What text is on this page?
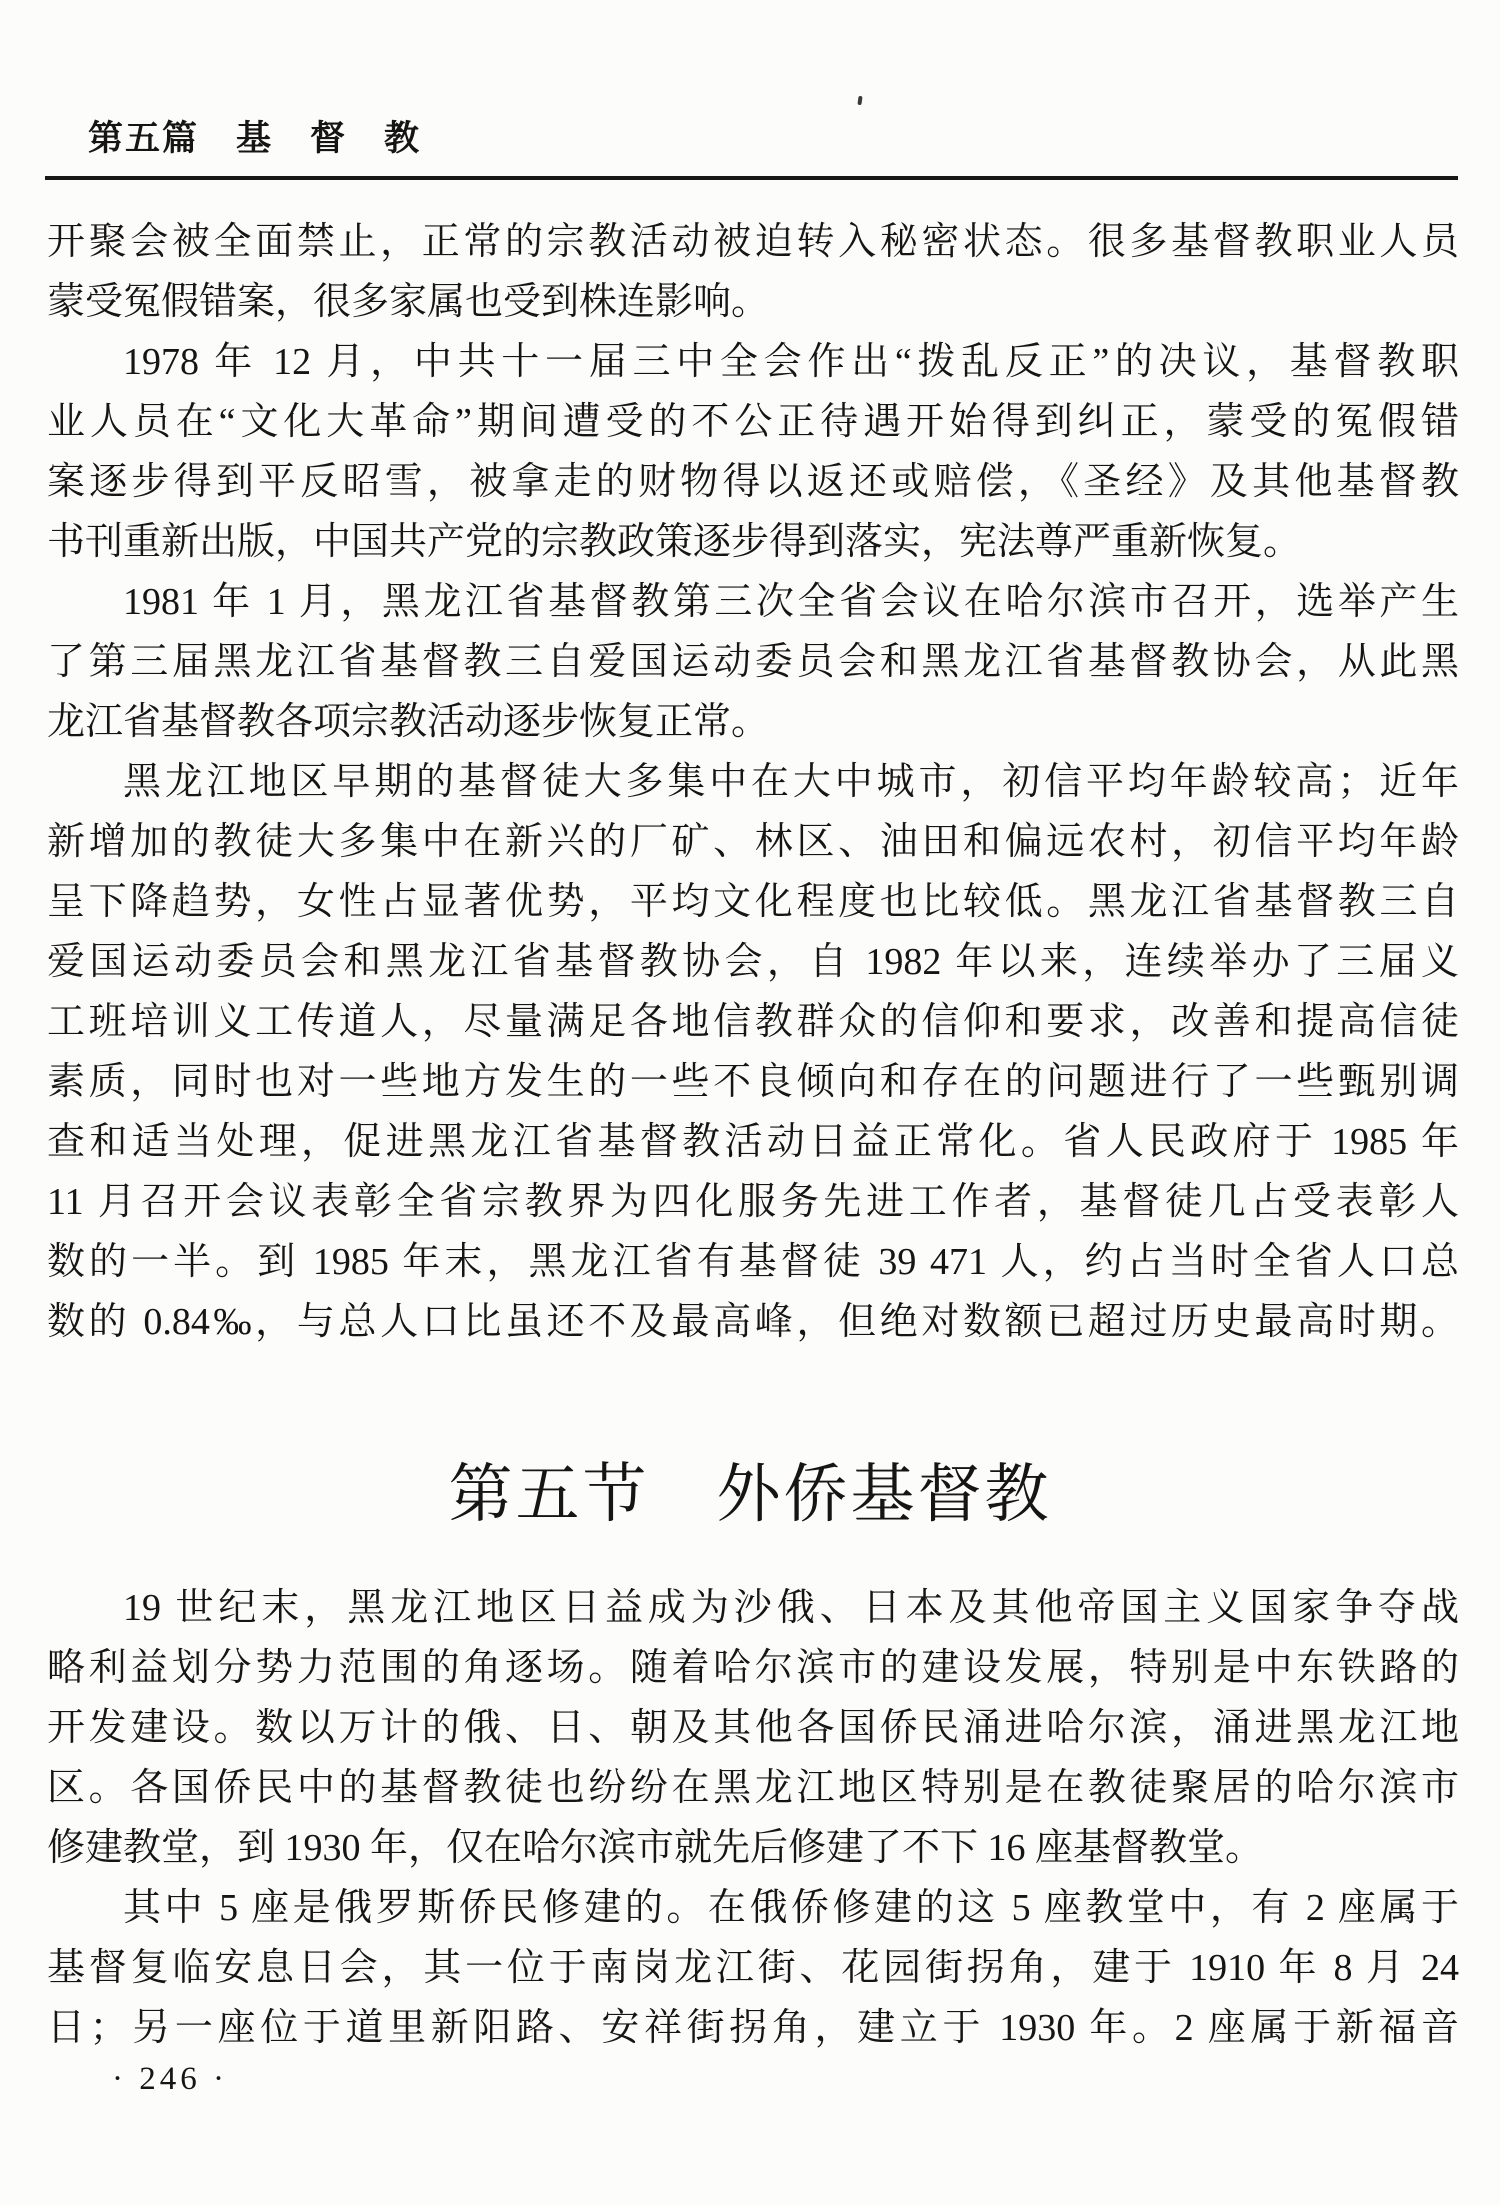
第五篇　基　督　教
开聚会被全面禁止，正常的宗教活动被迫转入秘密状态。很多基督教职业人员
蒙受冤假错案，很多家属也受到株连影响。
1978 年 12 月，中共十一届三中全会作出“拨乱反正”的决议，基督教职
业人员在“文化大革命”期间遭受的不公正待遇开始得到纠正，蒙受的冤假错
案逐步得到平反昭雪，被拿走的财物得以返还或赔偿，《圣经》及其他基督教
书刊重新出版，中国共产党的宗教政策逐步得到落实，宪法尊严重新恢复。
1981 年 1 月，黑龙江省基督教第三次全省会议在哈尔滨市召开，选举产生
了第三届黑龙江省基督教三自爱国运动委员会和黑龙江省基督教协会，从此黑
龙江省基督教各项宗教活动逐步恢复正常。
黑龙江地区早期的基督徒大多集中在大中城市，初信平均年龄较高；近年
新增加的教徒大多集中在新兴的厂矿、林区、油田和偏远农村，初信平均年龄
呈下降趋势，女性占显著优势，平均文化程度也比较低。黑龙江省基督教三自
爱国运动委员会和黑龙江省基督教协会，自 1982 年以来，连续举办了三届义
工班培训义工传道人，尽量满足各地信教群众的信仰和要求，改善和提高信徒
素质，同时也对一些地方发生的一些不良倾向和存在的问题进行了一些甄别调
查和适当处理，促进黑龙江省基督教活动日益正常化。省人民政府于 1985 年
11 月召开会议表彰全省宗教界为四化服务先进工作者，基督徒几占受表彰人
数的一半。到 1985 年末，黑龙江省有基督徒 39 471 人，约占当时全省人口总
数的 0.84‰，与总人口比虽还不及最高峰，但绝对数额已超过历史最高时期。
第五节　外侨基督教
19 世纪末，黑龙江地区日益成为沙俄、日本及其他帝国主义国家争夺战
略利益划分势力范围的角逐场。随着哈尔滨市的建设发展，特别是中东铁路的
开发建设。数以万计的俄、日、朝及其他各国侨民涌进哈尔滨，涌进黑龙江地
区。各国侨民中的基督教徒也纷纷在黑龙江地区特别是在教徒聚居的哈尔滨市
修建教堂，到 1930 年，仅在哈尔滨市就先后修建了不下 16 座基督教堂。
其中 5 座是俄罗斯侨民修建的。在俄侨修建的这 5 座教堂中，有 2 座属于
基督复临安息日会，其一位于南岗龙江街、花园街拐角，建于 1910 年 8 月 24
日；另一座位于道里新阳路、安祥街拐角，建立于 1930 年。2 座属于新福音
· 246 ·
